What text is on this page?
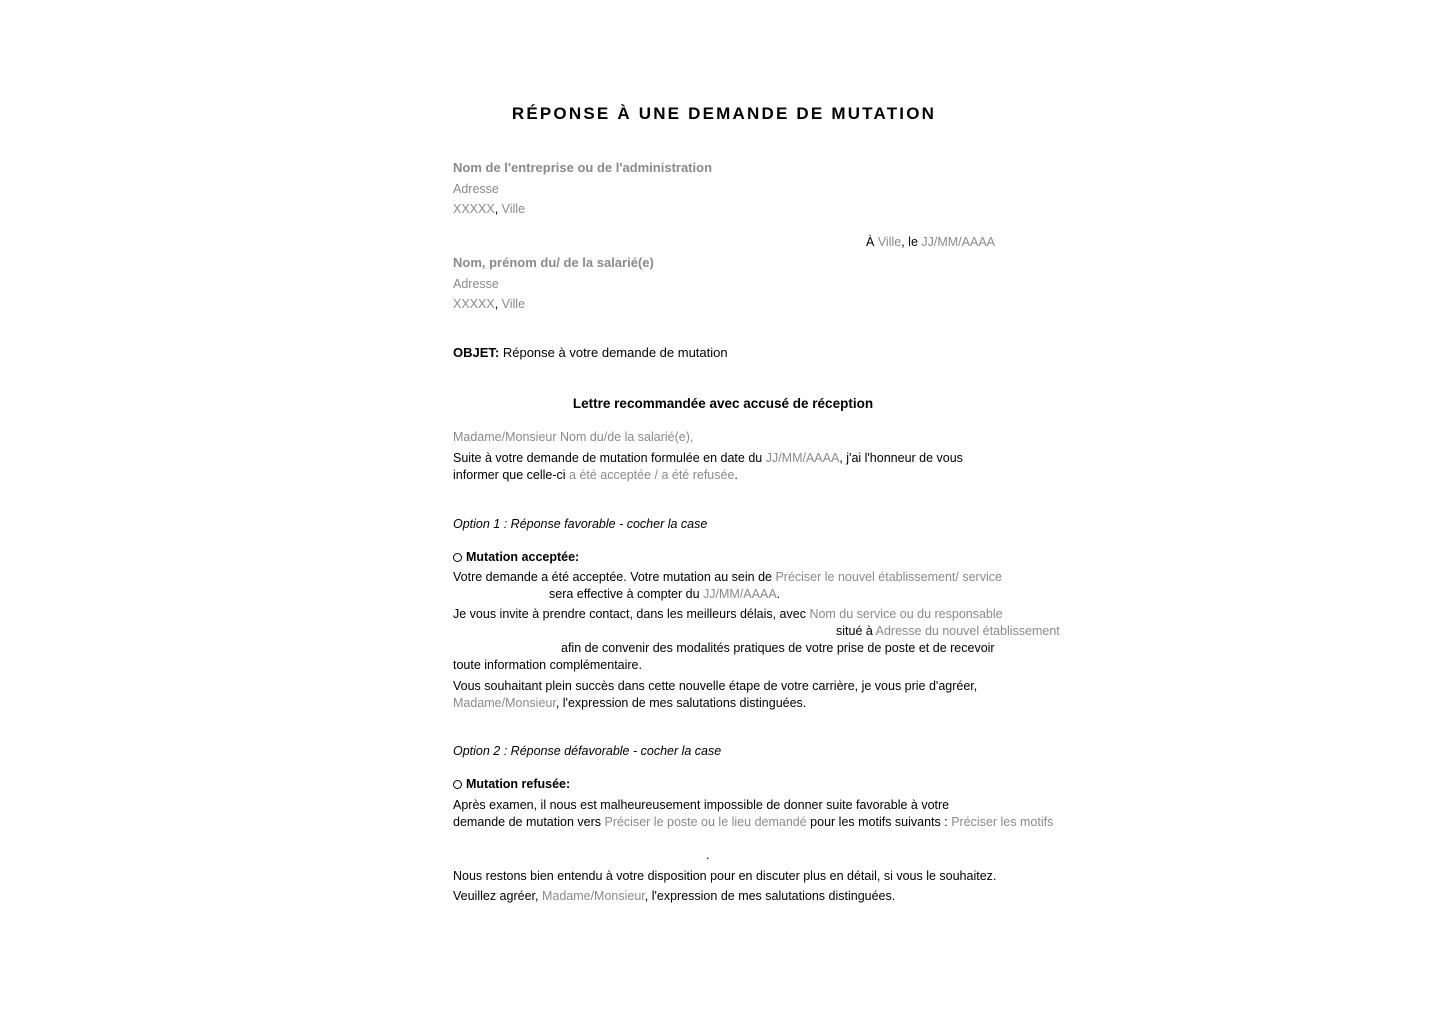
RÉPONSE À UNE DEMANDE DE MUTATION

Nom de l'entreprise ou de l'administration

Adresse

XXXXX, Ville

À Ville, le JJ/MM/AAAA

Nom, prénom du/ de la salarié(e)

Adresse

XXXXX, Ville

OBJET: Réponse à votre demande de mutation

Lettre recommandée avec accusé de réception

Madame/Monsieur Nom du/de la salarié(e),

Suite à votre demande de mutation formulée en date du JJ/MM/AAAA, j'ai l'honneur de vous

informer que celle-ci a été acceptée / a été refusée.

Option 1 : Réponse favorable - cocher la case

Mutation acceptée:

Votre demande a été acceptée. Votre mutation au sein de Préciser le nouvel établissement/ service

sera effective à compter du JJ/MM/AAAA.

Je vous invite à prendre contact, dans les meilleurs délais, avec Nom du service ou du responsable

situé à Adresse du nouvel établissement

afin de convenir des modalités pratiques de votre prise de poste et de recevoir

toute information complémentaire.

Vous souhaitant plein succès dans cette nouvelle étape de votre carrière, je vous prie d'agréer,

Madame/Monsieur, l'expression de mes salutations distinguées.

Option 2 : Réponse défavorable - cocher la case

Mutation refusée:

Après examen, il nous est malheureusement impossible de donner suite favorable à votre

demande de mutation vers Préciser le poste ou le lieu demandé pour les motifs suivants : Préciser les motifs

.

Nous restons bien entendu à votre disposition pour en discuter plus en détail, si vous le souhaitez.

Veuillez agréer, Madame/Monsieur, l'expression de mes salutations distinguées.
